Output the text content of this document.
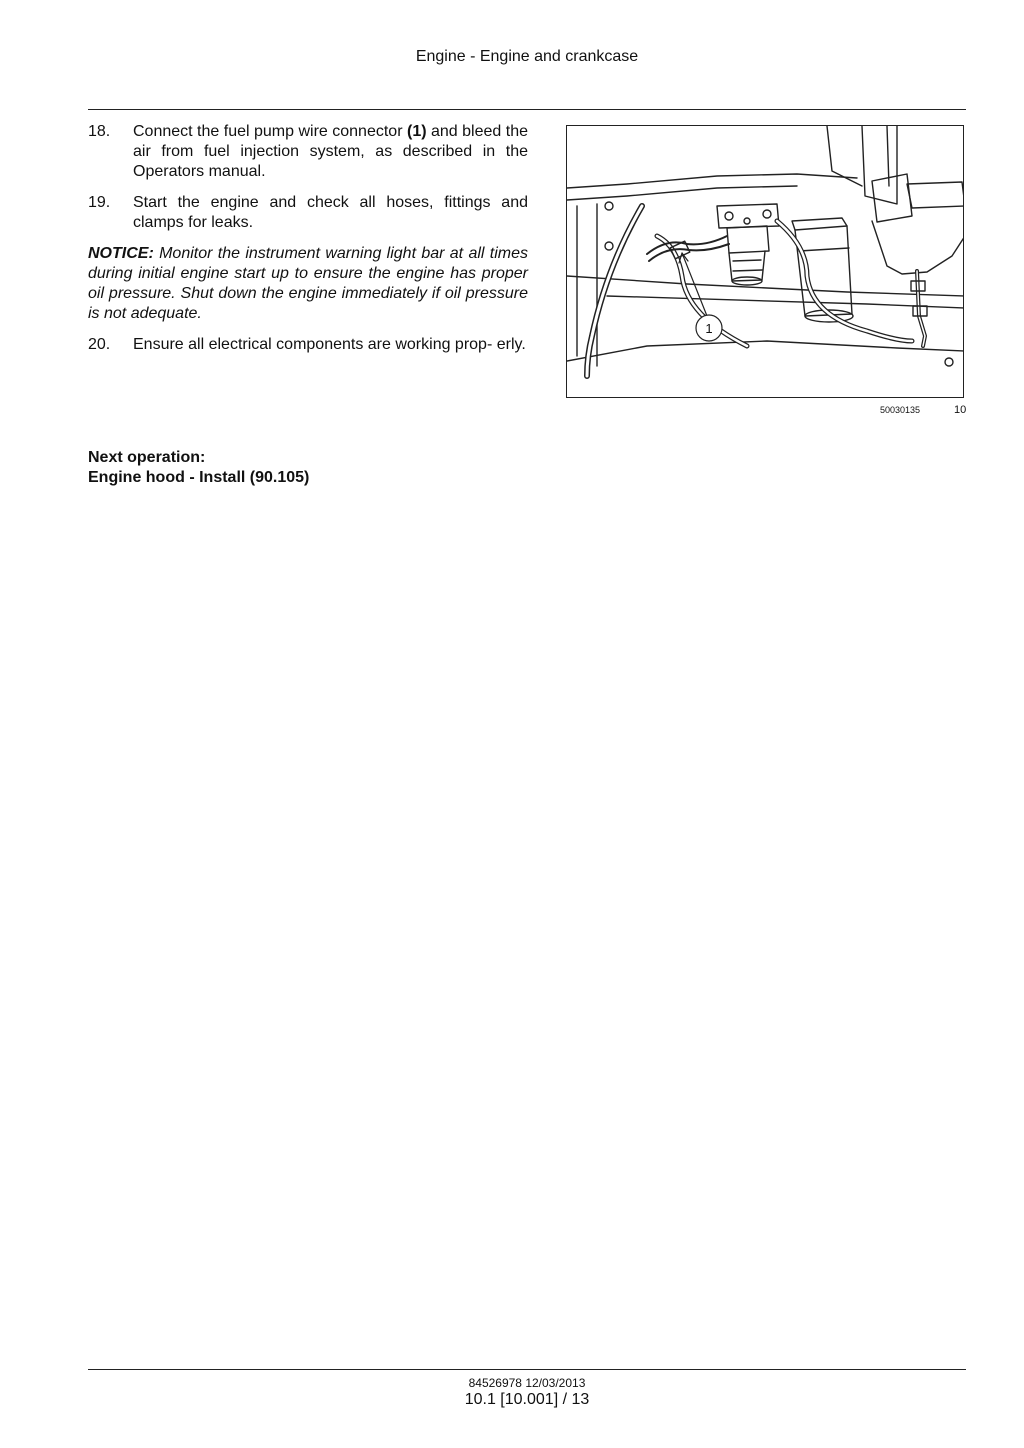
Engine - Engine and crankcase
18.	Connect the fuel pump wire connector (1) and bleed the air from fuel injection system, as described in the Operators manual.
19.	Start the engine and check all hoses, fittings and clamps for leaks.

NOTICE: Monitor the instrument warning light bar at all times during initial engine start up to ensure the engine has proper oil pressure. Shut down the engine immediately if oil pressure is not adequate.

20.	Ensure all electrical components are working prop- erly.
1
50030135	10
Next operation:
Engine hood - Install (90.105)
84526978 12/03/2013
10.1 [10.001] / 13
